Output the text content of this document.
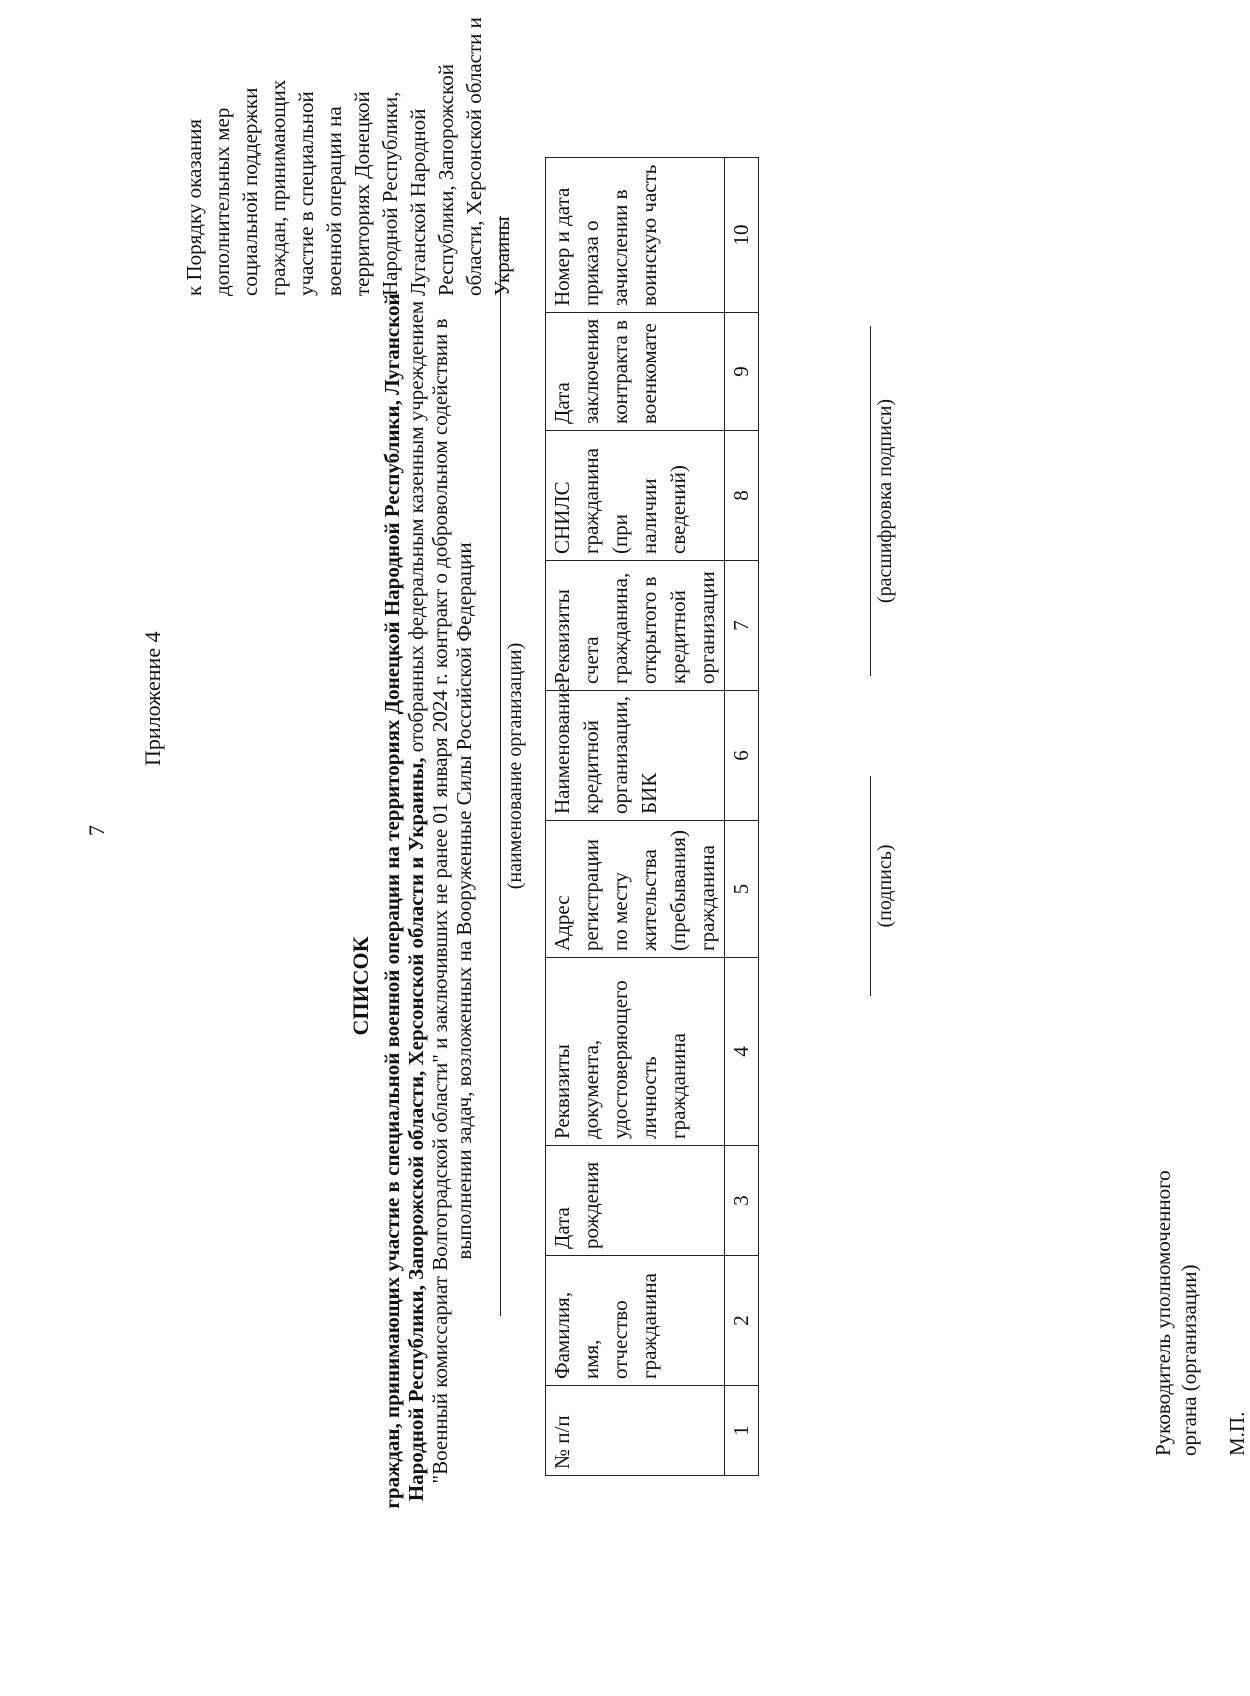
7
Приложение 4
к Порядку оказания дополнительных мер социальной поддержки граждан, принимающих участие в специальной военной операции на территориях Донецкой Народной Республики, Луганской Народной Республики, Запорожской области, Херсонской области и Украины
СПИСОК граждан, принимающих участие в специальной военной операции на территориях Донецкой Народной Республики, Луганской Народной Республики, Запорожской области, Херсонской области и Украины, отобранных федеральным казенным учреждением "Военный комиссариат Волгоградской области" и заключивших не ранее 01 января 2024 г. контракт о добровольном содействии в выполнении задач, возложенных на Вооруженные Силы Российской Федерации (наименование организации)
№ п/п	Фамилия, имя, отчество гражданина	Дата рождения	Реквизиты документа, удостоверяющего личность гражданина	Адрес регистрации по месту жительства (пребывания) гражданина	Наименование кредитной организации, БИК	Реквизиты счета гражданина, открытого в кредитной организации	СНИЛС гражданина (при наличии сведений)	Дата заключения контракта в военкомате	Номер и дата приказа о зачислении в воинскую часть
1	2	3	4	5	6	7	8	9	10
Руководитель уполномоченного органа (организации)
(подпись)
(расшифровка подписи)
М.П.
